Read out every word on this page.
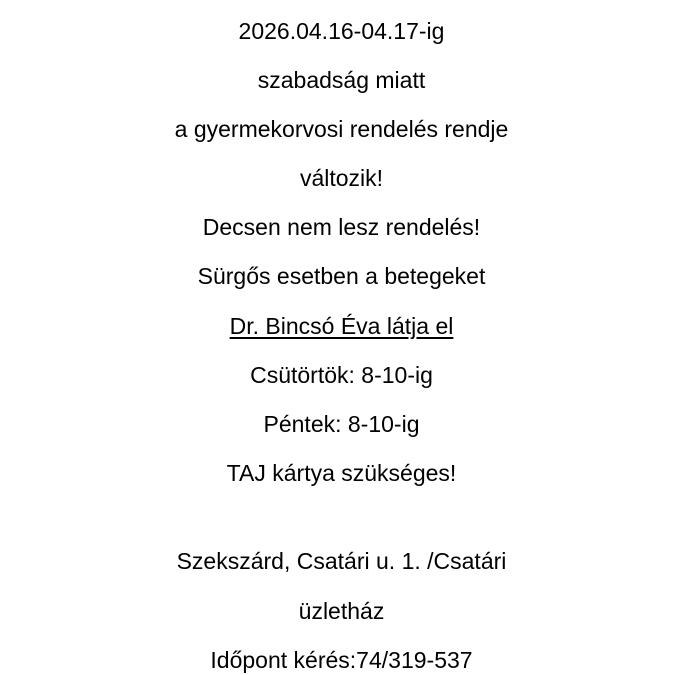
2026.04.16-04.17-ig
szabadság miatt
a gyermekorvosi rendelés rendje
változik!
Decsen nem lesz rendelés!
Sürgős esetben a betegeket
Dr. Bincsó Éva látja el
Csütörtök: 8-10-ig
Péntek: 8-10-ig
TAJ kártya szükséges!
Szekszárd, Csatári u. 1. /Csatári
üzletház
Időpont kérés:74/319-537
